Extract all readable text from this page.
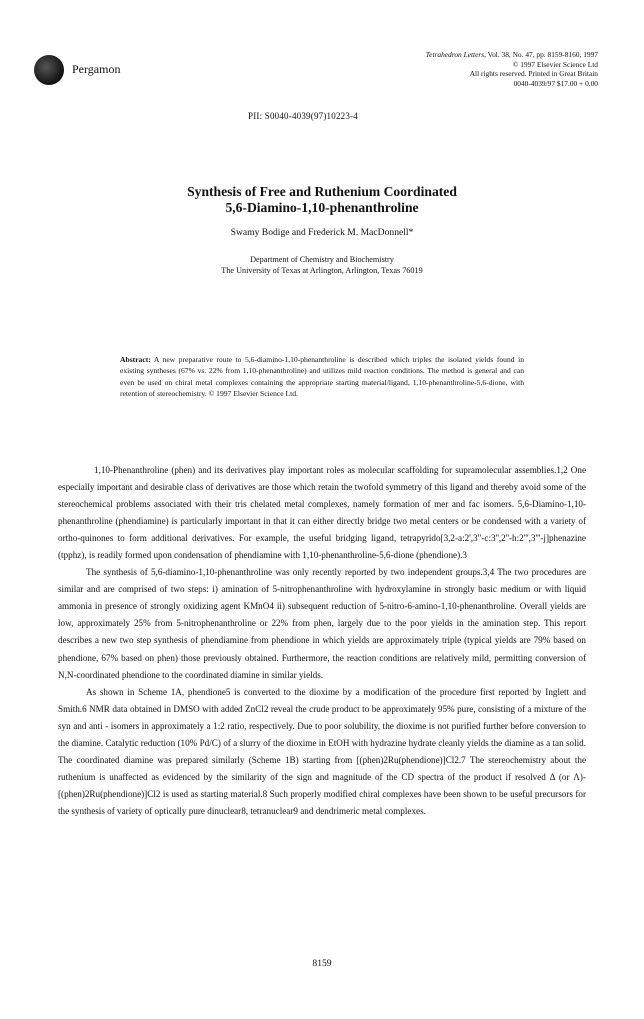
Pergamon
Tetrahedron Letters, Vol. 38, No. 47, pp. 8159-8160, 1997
© 1997 Elsevier Science Ltd
All rights reserved. Printed in Great Britain
0040-4039/97 $17.00 + 0.00
PII: S0040-4039(97)10223-4
Synthesis of Free and Ruthenium Coordinated
5,6-Diamino-1,10-phenanthroline
Swamy Bodige and Frederick M. MacDonnell*
Department of Chemistry and Biochemistry
The University of Texas at Arlington, Arlington, Texas 76019
Abstract: A new preparative route to 5,6-diamino-1,10-phenanthroline is described which triples the isolated yields found in existing syntheses (67% vs. 22% from 1,10-phenanthroline) and utilizes mild reaction conditions. The method is general and can even be used on chiral metal complexes containing the appropriate starting material/ligand, 1,10-phenanthroline-5,6-dione, with retention of stereochemistry. © 1997 Elsevier Science Ltd.

1,10-Phenanthroline (phen) and its derivatives play important roles as molecular scaffolding for supramolecular assemblies.1,2 One especially important and desirable class of derivatives are those which retain the twofold symmetry of this ligand and thereby avoid some of the stereochemical problems associated with their tris chelated metal complexes, namely formation of mer and fac isomers. 5,6-Diamino-1,10-phenanthroline (phendiamine) is particularly important in that it can either directly bridge two metal centers or be condensed with a variety of ortho-quinones to form additional derivatives. For example, the useful bridging ligand, tetrapyrido[3,2-a:2',3"-c:3'',2''-h:2''',3'''-j]phenazine (tpphz), is readily formed upon condensation of phendiamine with 1,10-phenanthroline-5,6-dione (phendione).3

The synthesis of 5,6-diamino-1,10-phenanthroline was only recently reported by two independent groups.3,4 The two procedures are similar and are comprised of two steps: i) amination of 5-nitrophenanthroline with hydroxylamine in strongly basic medium or with liquid ammonia in presence of strongly oxidizing agent KMnO4 ii) subsequent reduction of 5-nitro-6-amino-1,10-phenanthroline. Overall yields are low, approximately 25% from 5-nitrophenanthroline or 22% from phen, largely due to the poor yields in the amination step. This report describes a new two step synthesis of phendiamine from phendione in which yields are approximately triple (typical yields are 79% based on phendione, 67% based on phen) those previously obtained. Furthermore, the reaction conditions are relatively mild, permitting conversion of N,N-coordinated phendione to the coordinated diamine in similar yields.

As shown in Scheme 1A, phendione5 is converted to the dioxime by a modification of the procedure first reported by Inglett and Smith.6 NMR data obtained in DMSO with added ZnCl2 reveal the crude product to be approximately 95% pure, consisting of a mixture of the syn and anti - isomers in approximately a 1:2 ratio, respectively. Due to poor solubility, the dioxime is not purified further before conversion to the diamine. Catalytic reduction (10% Pd/C) of a slurry of the dioxime in EtOH with hydrazine hydrate cleanly yields the diamine as a tan solid. The coordinated diamine was prepared similarly (Scheme 1B) starting from [(phen)2Ru(phendione)]Cl2.7 The stereochemistry about the ruthenium is unaffected as evidenced by the similarity of the sign and magnitude of the CD spectra of the product if resolved Δ (or Λ)-[(phen)2Ru(phendione)]Cl2 is used as starting material.8 Such properly modified chiral complexes have been shown to be useful precursors for the synthesis of variety of optically pure dinuclear8, tetranuclear9 and dendrimeric metal complexes.

8159
